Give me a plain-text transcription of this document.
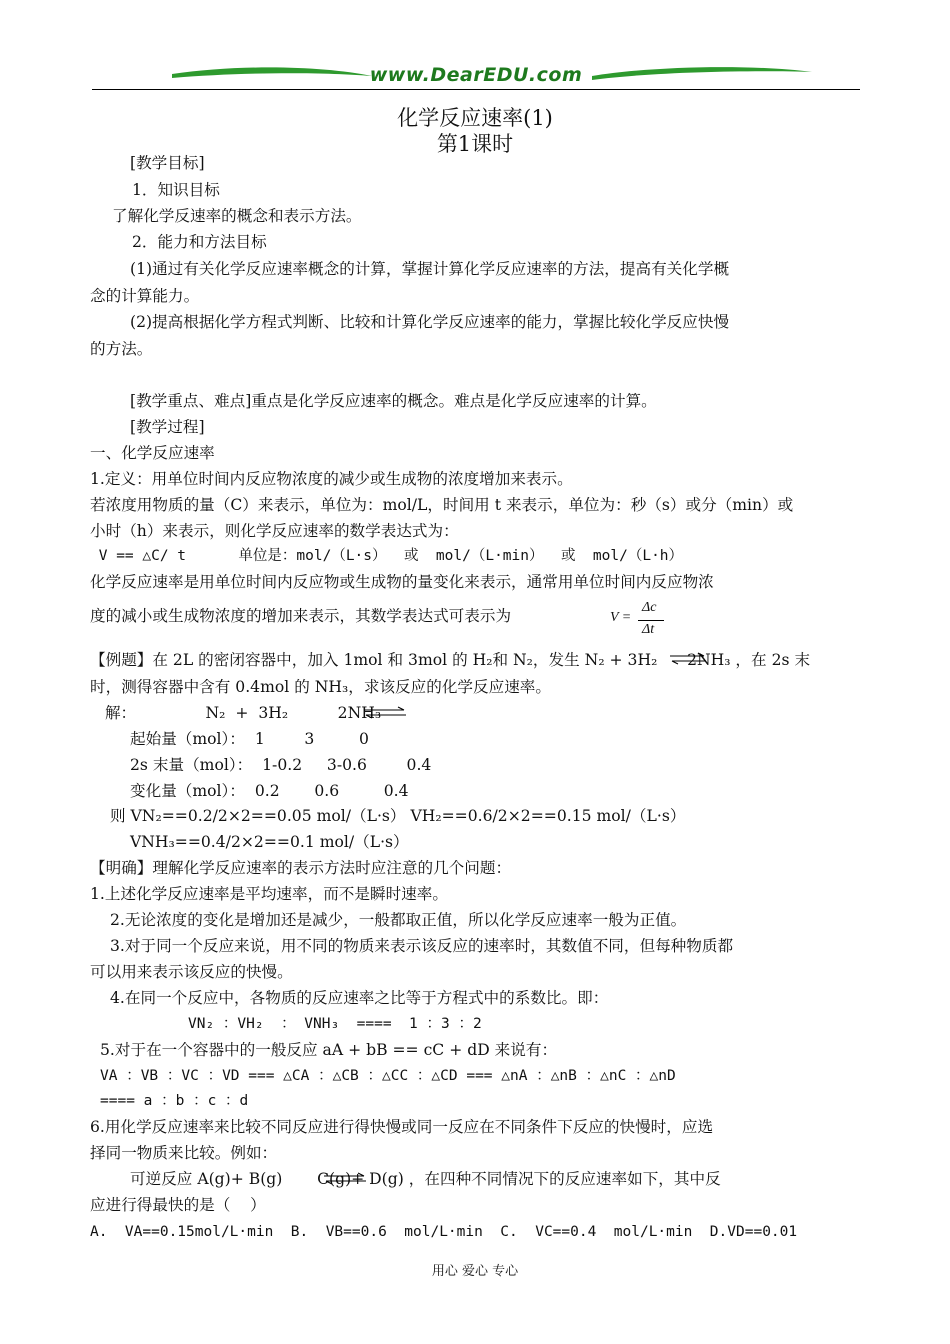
www.DearEDU.com
化学反应速率(1)
第1课时
[教学目标]
1．知识目标
了解化学反速率的概念和表示方法。
2．能力和方法目标
(1)通过有关化学反应速率概念的计算，掌握计算化学反应速率的方法，提高有关化学概
念的计算能力。
(2)提高根据化学方程式判断、比较和计算化学反应速率的能力，掌握比较化学反应快慢
的方法。
[教学重点、难点]重点是化学反应速率的概念。难点是化学反应速率的计算。
[教学过程]
一、化学反应速率
1.定义：用单位时间内反应物浓度的减少或生成物的浓度增加来表示。
若浓度用物质的量（C）来表示，单位为：mol/L，时间用 t 来表示，单位为：秒（s）或分（min）或
小时（h）来表示，则化学反应速率的数学表达式为：
V == △C/ t      单位是：mol/（L·s）  或  mol/（L·min）  或  mol/（L·h）
化学反应速率是用单位时间内反应物或生成物的量变化来表示，通常用单位时间内反应物浓
度的减小或生成物浓度的增加来表示，其数学表达式可表示为	V =
Δc
Δt
【例题】在 2L 的密闭容器中，加入 1mol 和 3mol 的 H₂和 N₂，发生 N₂ + 3H₂      2NH₃ ，在 2s 末
时，测得容器中含有 0.4mol 的 NH₃，求该反应的化学反应速率。
解：              N₂  +  3H₂          2NH₃
起始量（mol）：  1        3         0
2s 末量（mol）：  1-0.2     3-0.6        0.4
变化量（mol）：  0.2       0.6         0.4
则 VN₂==0.2/2×2==0.05 mol/（L·s） VH₂==0.6/2×2==0.15 mol/（L·s）
VNH₃==0.4/2×2==0.1 mol/（L·s）
【明确】理解化学反应速率的表示方法时应注意的几个问题：
1.上述化学反应速率是平均速率，而不是瞬时速率。
2.无论浓度的变化是增加还是减少，一般都取正值，所以化学反应速率一般为正值。
3.对于同一个反应来说，用不同的物质来表示该反应的速率时，其数值不同，但每种物质都
可以用来表示该反应的快慢。
4.在同一个反应中，各物质的反应速率之比等于方程式中的系数比。即：
VN₂ ：VH₂  ： VNH₃  ====  1 ：3 ：2
5.对于在一个容器中的一般反应 aA + bB == cC + dD 来说有：
VA ：VB ：VC ：VD === △CA ：△CB ：△CC ：△CD === △nA ：△nB ：△nC ：△nD
==== a ：b ：c ：d
6.用化学反应速率来比较不同反应进行得快慢或同一反应在不同条件下反应的快慢时，应选
择同一物质来比较。例如：
可逆反应 A(g)+ B(g)       C(g)+ D(g) ，在四种不同情况下的反应速率如下，其中反
应进行得最快的是（    ）
A.  VA==0.15mol/L·min  B.  VB==0.6  mol/L·min  C.  VC==0.4  mol/L·min  D.VD==0.01
用心 爱心 专心
